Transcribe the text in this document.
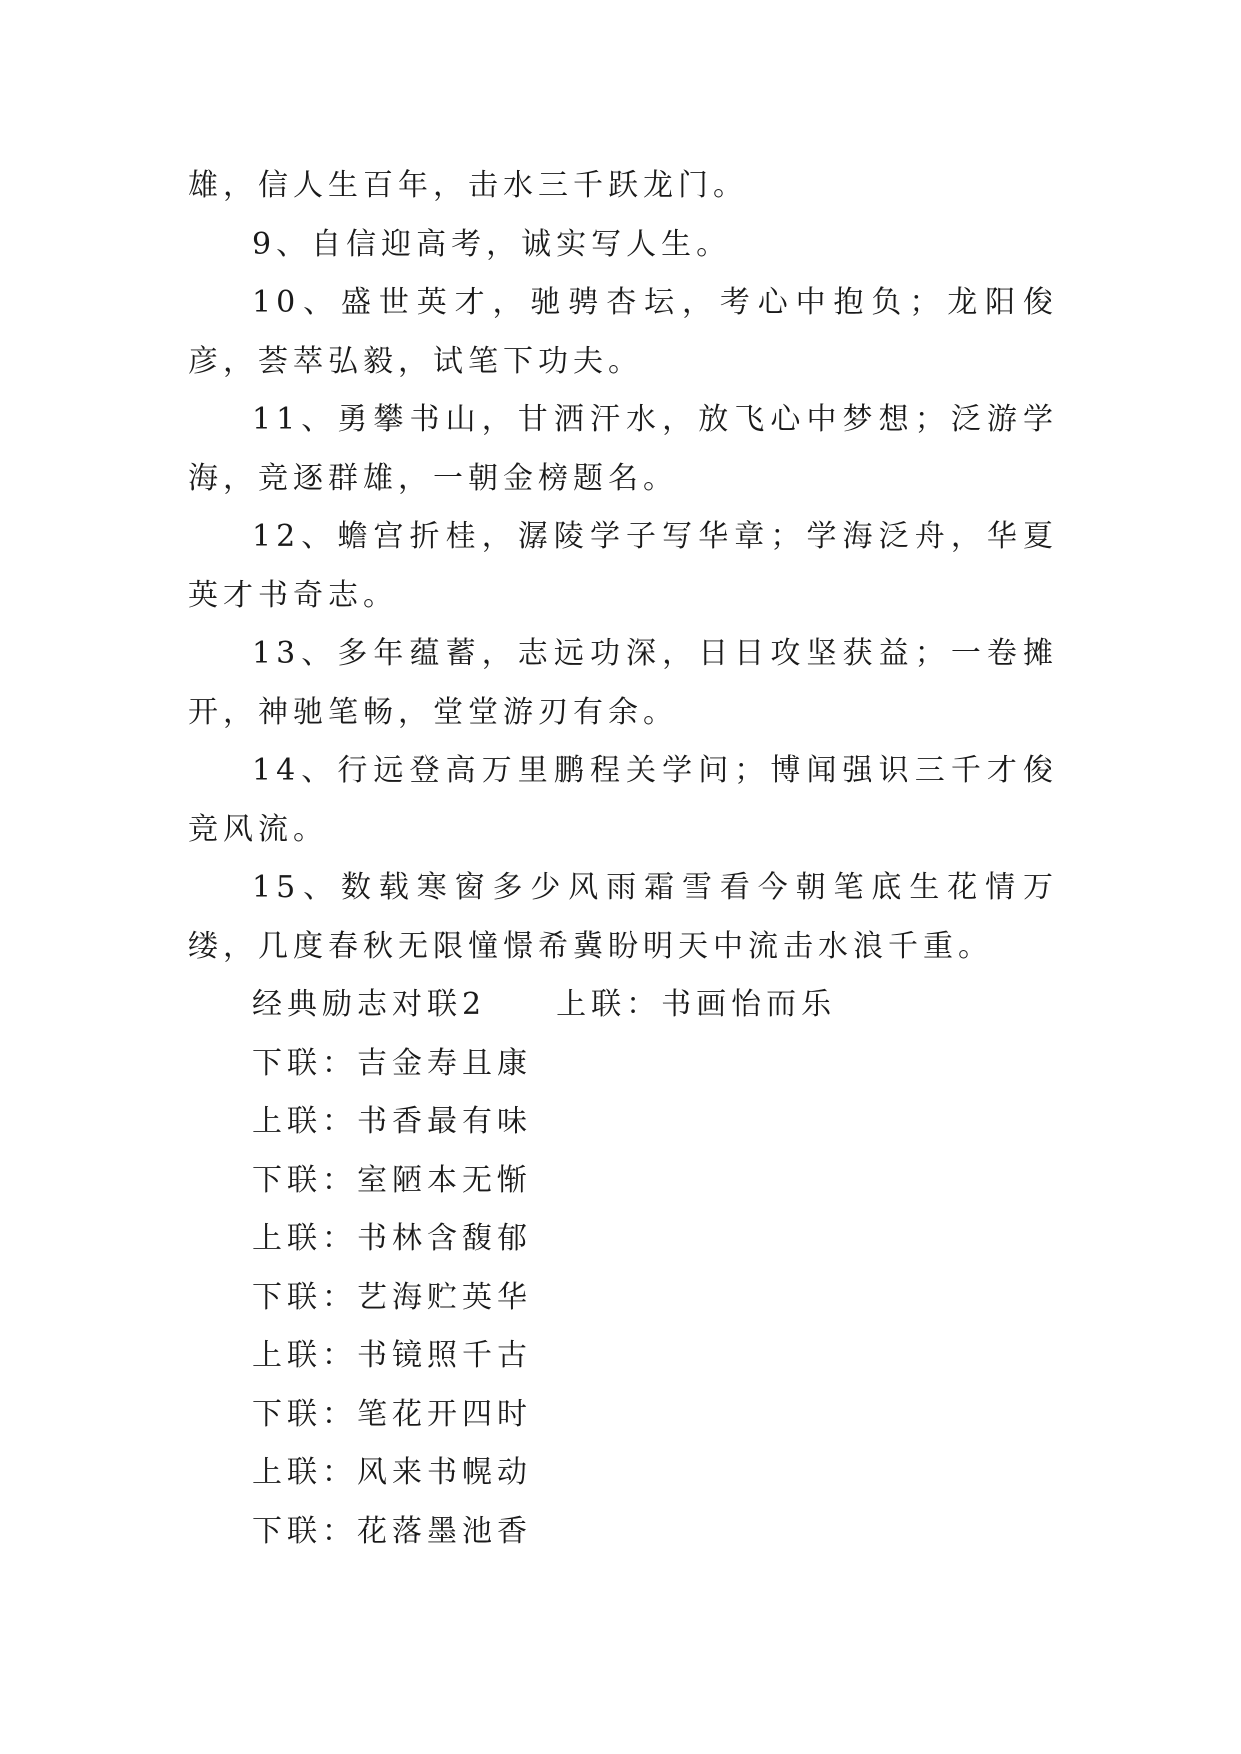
雄，信人生百年，击水三千跃龙门。

9、自信迎高考，诚实写人生。

10、盛世英才，驰骋杏坛，考心中抱负；龙阳俊彦，荟萃弘毅，试笔下功夫。

11、勇攀书山，甘洒汗水，放飞心中梦想；泛游学海，竞逐群雄，一朝金榜题名。

12、蟾宫折桂，潺陵学子写华章；学海泛舟，华夏英才书奇志。

13、多年蕴蓄，志远功深，日日攻坚获益；一卷摊开，神驰笔畅，堂堂游刃有余。

14、行远登高万里鹏程关学问；博闻强识三千才俊竞风流。

15、数载寒窗多少风雨霜雪看今朝笔底生花情万缕，几度春秋无限憧憬希冀盼明天中流击水浪千重。

经典励志对联2　　上联：书画怡而乐

下联：吉金寿且康

上联：书香最有味

下联：室陋本无惭

上联：书林含馥郁

下联：艺海贮英华

上联：书镜照千古

下联：笔花开四时

上联：风来书幌动

下联：花落墨池香
